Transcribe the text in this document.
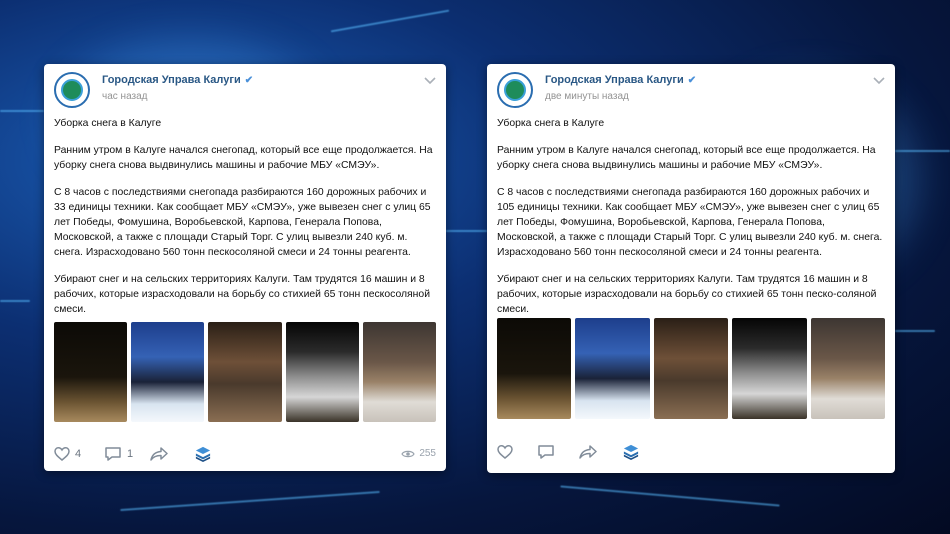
Городская Управа Калуги ✔
час назад

Уборка снега в Калуге

Ранним утром в Калуге начался снегопад, который все еще продолжается. На уборку снега снова выдвинулись машины и рабочие МБУ «СМЭУ».

С 8 часов с последствиями снегопада разбираются 160 дорожных рабочих и 33 единицы техники. Как сообщает МБУ «СМЭУ», уже вывезен снег с улиц 65 лет Победы, Фомушина, Воробьевской, Карпова, Генерала Попова, Московской, а также с площади Старый Торг. С улиц вывезли 240 куб. м. снега. Израсходовано 560 тонн пескосоляной смеси и 24 тонны реагента.

Убирают снег и на сельских территориях Калуги. Там трудятся 16 машин и 8 рабочих, которые израсходовали на борьбу со стихией 65 тонн пескосоляной смеси.

4	1	255
Городская Управа Калуги ✔
две минуты назад

Уборка снега в Калуге

Ранним утром в Калуге начался снегопад, который все еще продолжается. На уборку снега снова выдвинулись машины и рабочие МБУ «СМЭУ».

С 8 часов с последствиями снегопада разбираются 160 дорожных рабочих и 105 единицы техники. Как сообщает МБУ «СМЭУ», уже вывезен снег с улиц 65 лет Победы, Фомушина, Воробьевской, Карпова, Генерала Попова, Московской, а также с площади Старый Торг. С улиц вывезли 240 куб. м. снега. Израсходовано 560 тонн пескосоляной смеси и 24 тонны реагента.

Убирают снег и на сельских территориях Калуги. Там трудятся 16 машин и 8 рабочих, которые израсходовали на борьбу со стихией 65 тонн песко-соляной смеси.
